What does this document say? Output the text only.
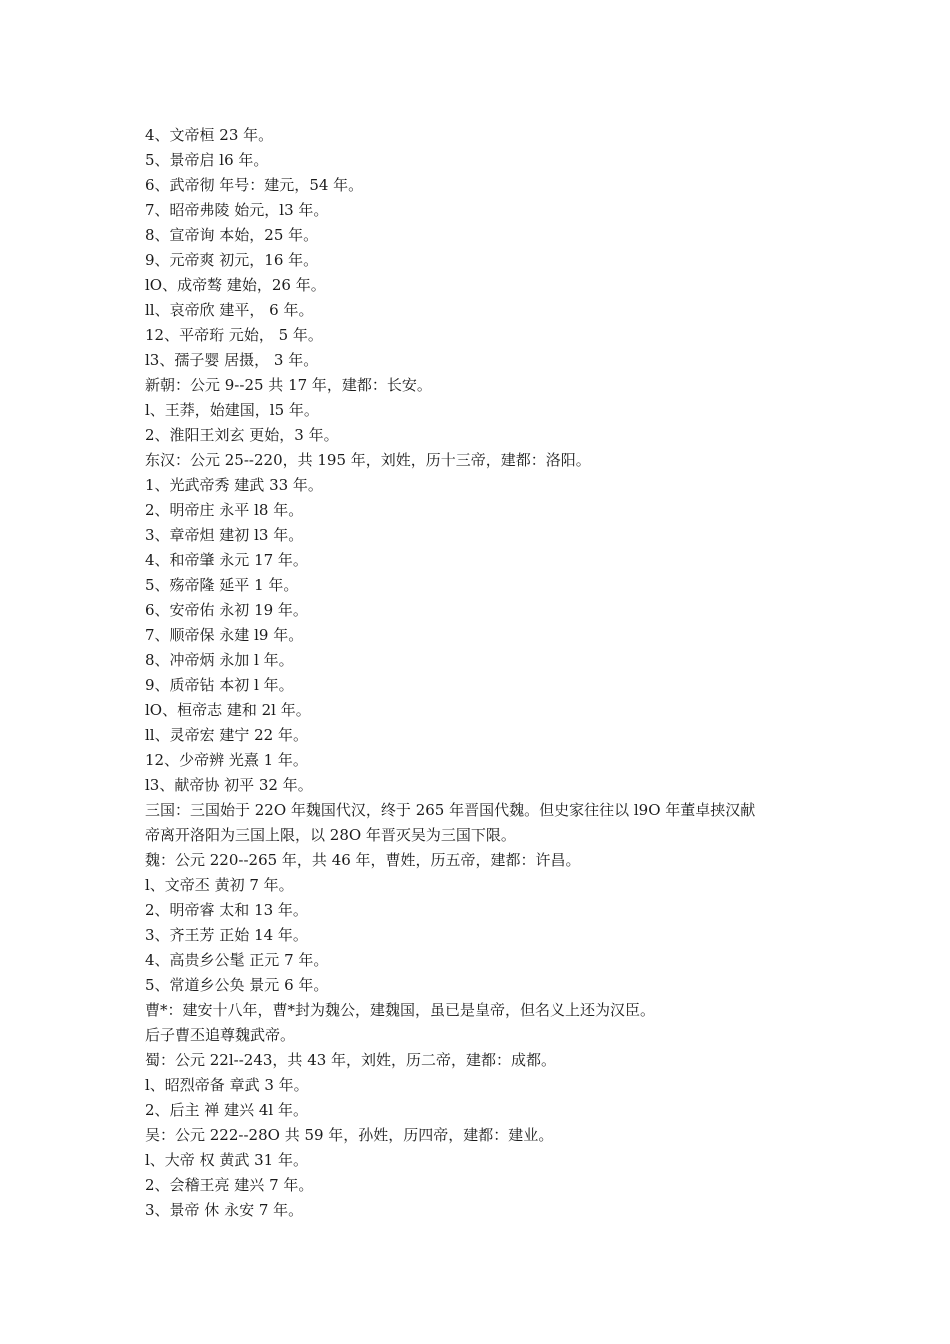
4、文帝桓 23 年。
5、景帝启 l6 年。
6、武帝彻 年号：建元，54 年。
7、昭帝弗陵 始元，l3 年。
8、宣帝询 本始，25 年。
9、元帝爽 初元，16 年。
lO、成帝骜 建始，26 年。
ll、哀帝欣 建平， 6 年。
12、平帝珩 元始， 5 年。
l3、孺子婴 居摄， 3 年。
新朝：公元 9--25 共 17 年，建都：长安。
l、王莽，始建国，l5 年。
2、淮阳王刘玄 更始，3 年。
东汉：公元 25--220，共 195 年，刘姓，历十三帝，建都：洛阳。
1、光武帝秀 建武 33 年。
2、明帝庄 永平 l8 年。
3、章帝炟 建初 l3 年。
4、和帝肇 永元 17 年。
5、殇帝隆 延平 1 年。
6、安帝佑 永初 19 年。
7、顺帝保 永建 l9 年。
8、冲帝炳 永加 l 年。
9、质帝钻 本初 l 年。
lO、桓帝志 建和 2l 年。
ll、灵帝宏 建宁 22 年。
12、少帝辨 光熹 1 年。
l3、献帝协 初平 32 年。
三国：三国始于 22O 年魏国代汉，终于 265 年晋国代魏。但史家往往以 l9O 年董卓挟汉献
帝离开洛阳为三国上限，以 28O 年晋灭吴为三国下限。
魏：公元 220--265 年，共 46 年，曹姓，历五帝，建都：许昌。
l、文帝丕 黄初 7 年。
2、明帝睿 太和 13 年。
3、齐王芳 正始 14 年。
4、高贵乡公髦 正元 7 年。
5、常道乡公奂 景元 6 年。
曹*：建安十八年，曹*封为魏公，建魏国，虽已是皇帝，但名义上还为汉臣。
后子曹丕追尊魏武帝。
蜀：公元 22l--243，共 43 年，刘姓，历二帝，建都：成都。
l、昭烈帝备 章武 3 年。
2、后主 禅 建兴 4l 年。
吴：公元 222--28O 共 59 年，孙姓，历四帝，建都：建业。
l、大帝 权 黄武 31 年。
2、会稽王亮 建兴 7 年。
3、景帝 休 永安 7 年。
